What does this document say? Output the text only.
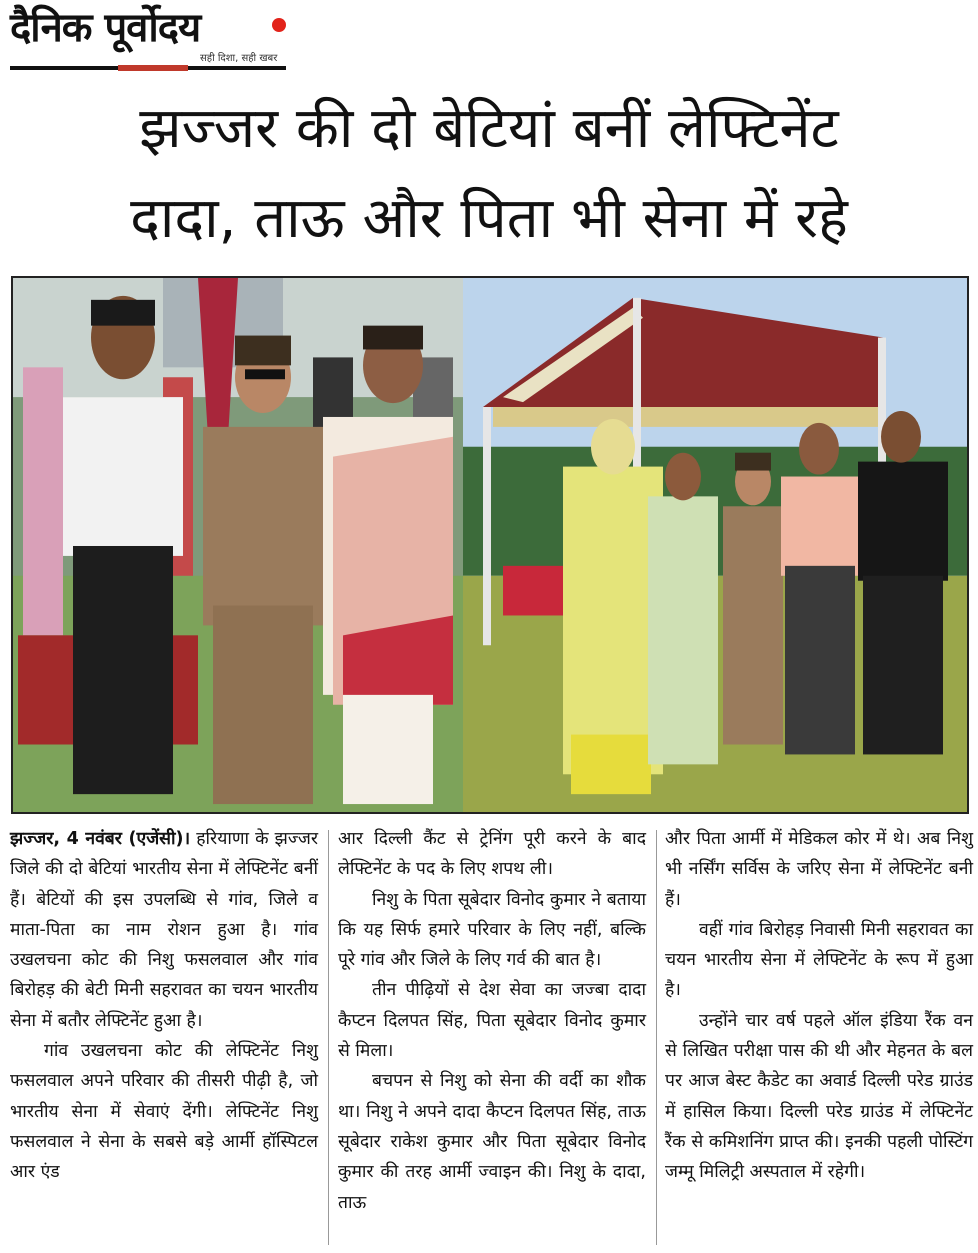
दैनिक पूर्वोदय
सही दिशा, सही खबर
झज्जर की दो बेटियां बनीं लेफ्टिनेंट
दादा, ताऊ और पिता भी सेना में रहे

झज्जर, 4 नवंबर (एजेंसी)। हरियाणा के झज्जर जिले की दो बेटियां भारतीय सेना में लेफ्टिनेंट बनीं हैं। बेटियों की इस उपलब्धि से गांव, जिले व माता-पिता का नाम रोशन हुआ है। गांव उखलचना कोट की निशु फसलवाल और गांव बिरोहड़ की बेटी मिनी सहरावत का चयन भारतीय सेना में बतौर लेफ्टिनेंट हुआ है।

गांव उखलचना कोट की लेफ्टिनेंट निशु फसलवाल अपने परिवार की तीसरी पीढ़ी है, जो भारतीय सेना में सेवाएं देंगी। लेफ्टिनेंट निशु फसलवाल ने सेना के सबसे बड़े आर्मी हॉस्पिटल आर एंड

आर दिल्ली कैंट से ट्रेनिंग पूरी करने के बाद लेफ्टिनेंट के पद के लिए शपथ ली।

निशु के पिता सूबेदार विनोद कुमार ने बताया कि यह सिर्फ हमारे परिवार के लिए नहीं, बल्कि पूरे गांव और जिले के लिए गर्व की बात है।

तीन पीढ़ियों से देश सेवा का जज्बा दादा कैप्टन दिलपत सिंह, पिता सूबेदार विनोद कुमार से मिला।

बचपन से निशु को सेना की वर्दी का शौक था। निशु ने अपने दादा कैप्टन दिलपत सिंह, ताऊ सूबेदार राकेश कुमार और पिता सूबेदार विनोद कुमार की तरह आर्मी ज्वाइन की। निशु के दादा, ताऊ

और पिता आर्मी में मेडिकल कोर में थे। अब निशु भी नर्सिंग सर्विस के जरिए सेना में लेफ्टिनेंट बनी हैं।

वहीं गांव बिरोहड़ निवासी मिनी सहरावत का चयन भारतीय सेना में लेफ्टिनेंट के रूप में हुआ है।

उन्होंने चार वर्ष पहले ऑल इंडिया रैंक वन से लिखित परीक्षा पास की थी और मेहनत के बल पर आज बेस्ट कैडेट का अवार्ड दिल्ली परेड ग्राउंड में हासिल किया। दिल्ली परेड ग्राउंड में लेफ्टिनेंट रैंक से कमिशनिंग प्राप्त की। इनकी पहली पोस्टिंग जम्मू मिलिट्री अस्पताल में रहेगी।
